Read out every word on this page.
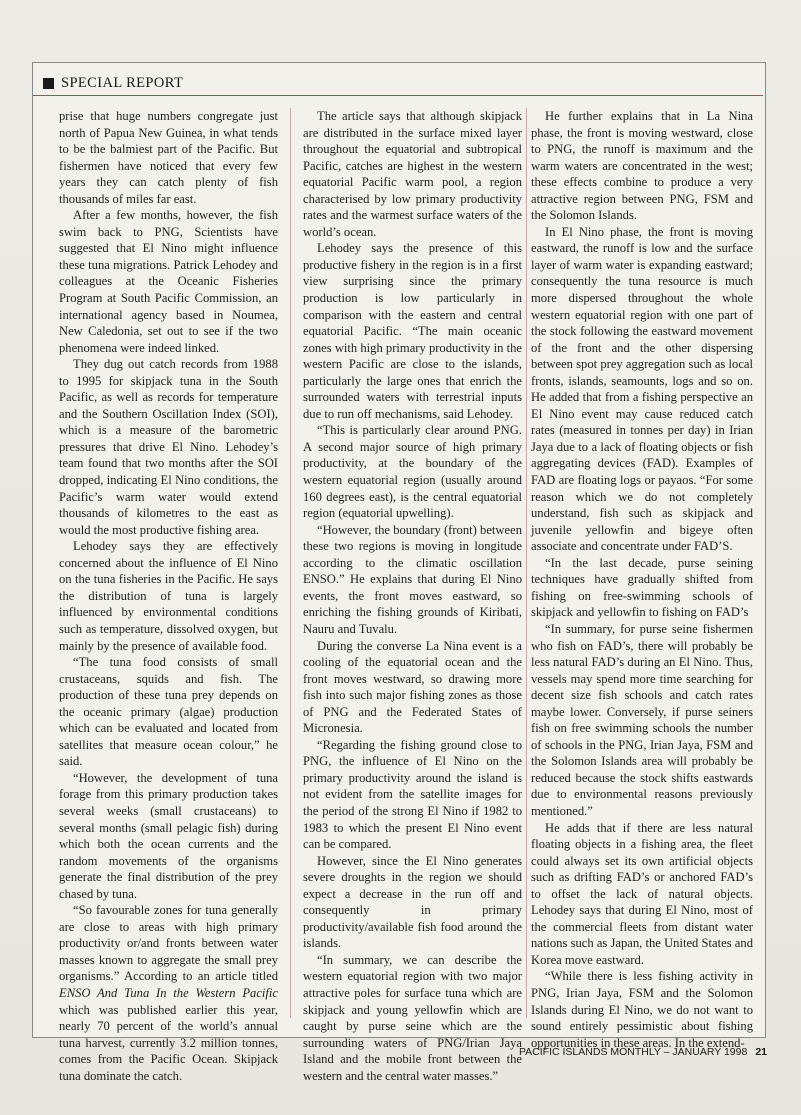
SPECIAL REPORT

prise that huge numbers congregate just north of Papua New Guinea, in what tends to be the balmiest part of the Pacific. But fishermen have noticed that every few years they can catch plenty of fish thousands of miles far east.

After a few months, however, the fish swim back to PNG, Scientists have suggested that El Nino might influence these tuna migrations. Patrick Lehodey and colleagues at the Oceanic Fisheries Program at South Pacific Commission, an international agency based in Noumea, New Caledonia, set out to see if the two phenomena were indeed linked.

They dug out catch records from 1988 to 1995 for skipjack tuna in the South Pacific, as well as records for temperature and the Southern Oscillation Index (SOI), which is a measure of the barometric pressures that drive El Nino. Lehodey’s team found that two months after the SOI dropped, indicating El Nino conditions, the Pacific’s warm water would extend thousands of kilometres to the east as would the most productive fishing area.

Lehodey says they are effectively concerned about the influence of El Nino on the tuna fisheries in the Pacific. He says the distribution of tuna is largely influenced by environmental conditions such as temperature, dissolved oxygen, but mainly by the presence of available food.

“The tuna food consists of small crustaceans, squids and fish. The production of these tuna prey depends on the oceanic primary (algae) production which can be evaluated and located from satellites that measure ocean colour,” he said.

“However, the development of tuna forage from this primary production takes several weeks (small crustaceans) to several months (small pelagic fish) during which both the ocean currents and the random movements of the organisms generate the final distribution of the prey chased by tuna.

“So favourable zones for tuna generally are close to areas with high primary productivity or/and fronts between water masses known to aggregate the small prey organisms.” According to an article titled ENSO And Tuna In the Western Pacific which was published earlier this year, nearly 70 percent of the world’s annual tuna harvest, currently 3.2 million tonnes, comes from the Pacific Ocean. Skipjack tuna dominate the catch.

The article says that although skipjack are distributed in the surface mixed layer throughout the equatorial and subtropical Pacific, catches are highest in the western equatorial Pacific warm pool, a region characterised by low primary productivity rates and the warmest surface waters of the world’s ocean.

Lehodey says the presence of this productive fishery in the region is in a first view surprising since the primary production is low particularly in comparison with the eastern and central equatorial Pacific. “The main oceanic zones with high primary productivity in the western Pacific are close to the islands, particularly the large ones that enrich the surrounded waters with terrestrial inputs due to run off mechanisms, said Lehodey.

“This is particularly clear around PNG. A second major source of high primary productivity, at the boundary of the western equatorial region (usually around 160 degrees east), is the central equatorial region (equatorial upwelling).

“However, the boundary (front) between these two regions is moving in longitude according to the climatic oscillation ENSO.” He explains that during El Nino events, the front moves eastward, so enriching the fishing grounds of Kiribati, Nauru and Tuvalu.

During the converse La Nina event is a cooling of the equatorial ocean and the front moves westward, so drawing more fish into such major fishing zones as those of PNG and the Federated States of Micronesia.

“Regarding the fishing ground close to PNG, the influence of El Nino on the primary productivity around the island is not evident from the satellite images for the period of the strong El Nino if 1982 to 1983 to which the present El Nino event can be compared.

However, since the El Nino generates severe droughts in the region we should expect a decrease in the run off and consequently in primary productivity/available fish food around the islands.

“In summary, we can describe the western equatorial region with two major attractive poles for surface tuna which are skipjack and young yellowfin which are caught by purse seine which are the surrounding waters of PNG/Irian Jaya Island and the mobile front between the western and the central water masses.”

He further explains that in La Nina phase, the front is moving westward, close to PNG, the runoff is maximum and the warm waters are concentrated in the west; these effects combine to produce a very attractive region between PNG, FSM and the Solomon Islands.

In El Nino phase, the front is moving eastward, the runoff is low and the surface layer of warm water is expanding eastward; consequently the tuna resource is much more dispersed throughout the whole western equatorial region with one part of the stock following the eastward movement of the front and the other dispersing between spot prey aggregation such as local fronts, islands, seamounts, logs and so on. He added that from a fishing perspective an El Nino event may cause reduced catch rates (measured in tonnes per day) in Irian Jaya due to a lack of floating objects or fish aggregating devices (FAD). Examples of FAD are floating logs or payaos. “For some reason which we do not completely understand, fish such as skipjack and juvenile yellowfin and bigeye often associate and concentrate under FAD’S.

“In the last decade, purse seining techniques have gradually shifted from fishing on free-swimming schools of skipjack and yellowfin to fishing on FAD’s

“In summary, for purse seine fishermen who fish on FAD’s, there will probably be less natural FAD’s during an El Nino. Thus, vessels may spend more time searching for decent size fish schools and catch rates maybe lower. Conversely, if purse seiners fish on free swimming schools the number of schools in the PNG, Irian Jaya, FSM and the Solomon Islands area will probably be reduced because the stock shifts eastwards due to environmental reasons previously mentioned.”

He adds that if there are less natural floating objects in a fishing area, the fleet could always set its own artificial objects such as drifting FAD’s or anchored FAD’s to offset the lack of natural objects. Lehodey says that during El Nino, most of the commercial fleets from distant water nations such as Japan, the United States and Korea move eastward.

“While there is less fishing activity in PNG, Irian Jaya, FSM and the Solomon Islands during El Nino, we do not want to sound entirely pessimistic about fishing opportunities in these areas. In the extend-

PACIFIC ISLANDS MONTHLY – JANUARY 1998 21
